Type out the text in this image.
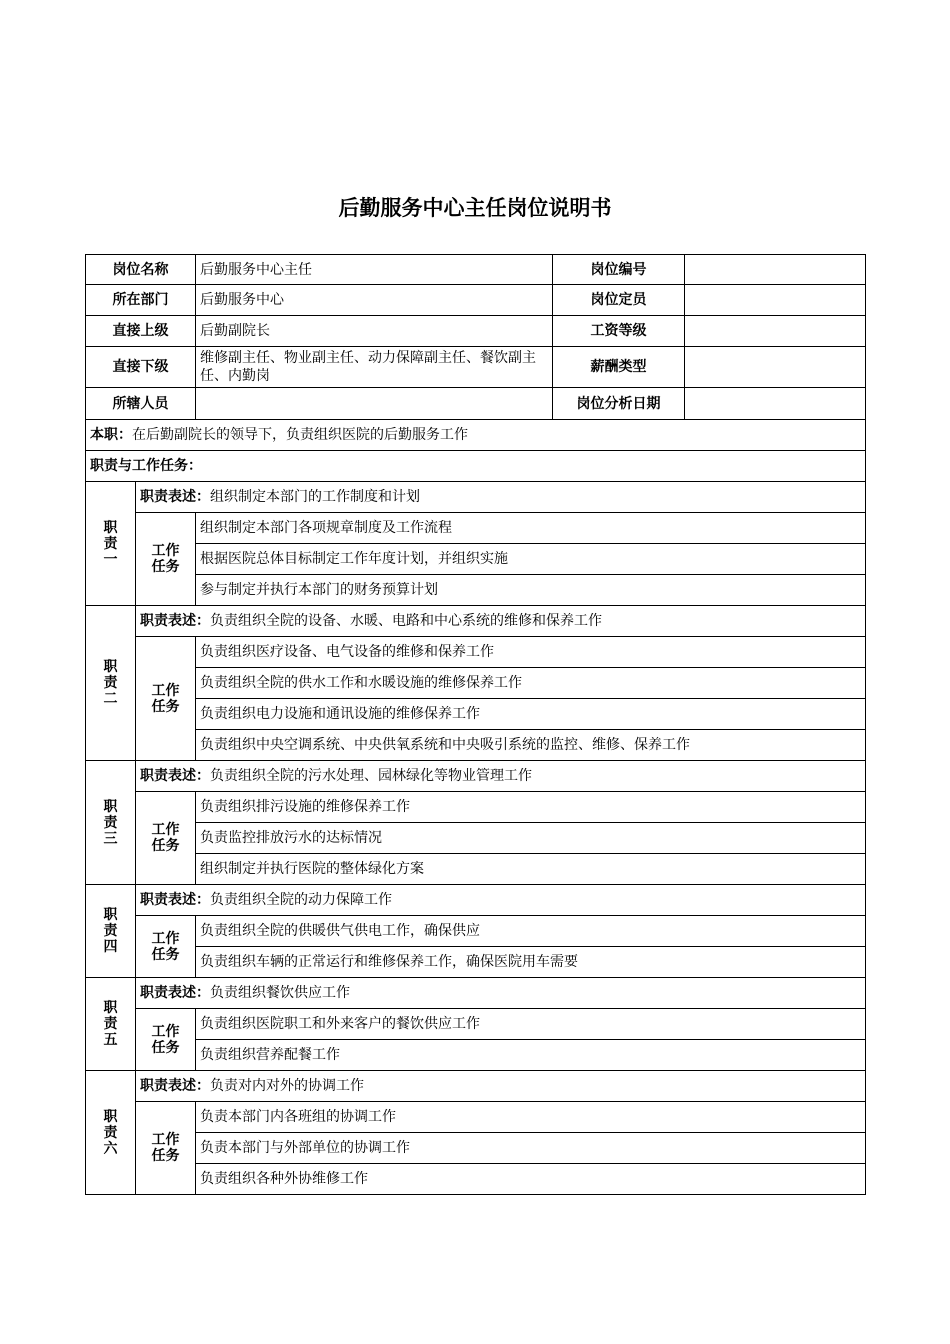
后勤服务中心主任岗位说明书
岗位名称		后勤服务中心主任	岗位编号	
所在部门		后勤服务中心	岗位定员	
直接上级		后勤副院长	工资等级	
直接下级		维修副主任、物业副主任、动力保障副主任、餐饮副主任、内勤岗	薪酬类型	
所辖人员			岗位分析日期	
本职：在后勤副院长的领导下，负责组织医院的后勤服务工作				
职责与工作任务：				

职
责
一	职责表述：组织制定本部门的工作制度和计划			

	工作
任务	组织制定本部门各项规章制度及工作流程		
		根据医院总体目标制定工作年度计划，并组织实施		
		参与制定并执行本部门的财务预算计划		

职
责
二	职责表述：负责组织全院的设备、水暖、电路和中心系统的维修和保养工作			

	工作
任务	负责组织医疗设备、电气设备的维修和保养工作		
		负责组织全院的供水工作和水暖设施的维修保养工作		
		负责组织电力设施和通讯设施的维修保养工作		
		负责组织中央空调系统、中央供氧系统和中央吸引系统的监控、维修、保养工作		

职
责
三	职责表述：负责组织全院的污水处理、园林绿化等物业管理工作			

	工作
任务	负责组织排污设施的维修保养工作		
		负责监控排放污水的达标情况		
		组织制定并执行医院的整体绿化方案		

职
责
四	职责表述：负责组织全院的动力保障工作			

	工作
任务	负责组织全院的供暖供气供电工作，确保供应		
		负责组织车辆的正常运行和维修保养工作，确保医院用车需要		

职
责
五	职责表述：负责组织餐饮供应工作			

	工作
任务	负责组织医院职工和外来客户的餐饮供应工作		
		负责组织营养配餐工作		

职
责
六	职责表述：负责对内对外的协调工作			

	工作
任务	负责本部门内各班组的协调工作		
		负责本部门与外部单位的协调工作		
		负责组织各种外协维修工作		
